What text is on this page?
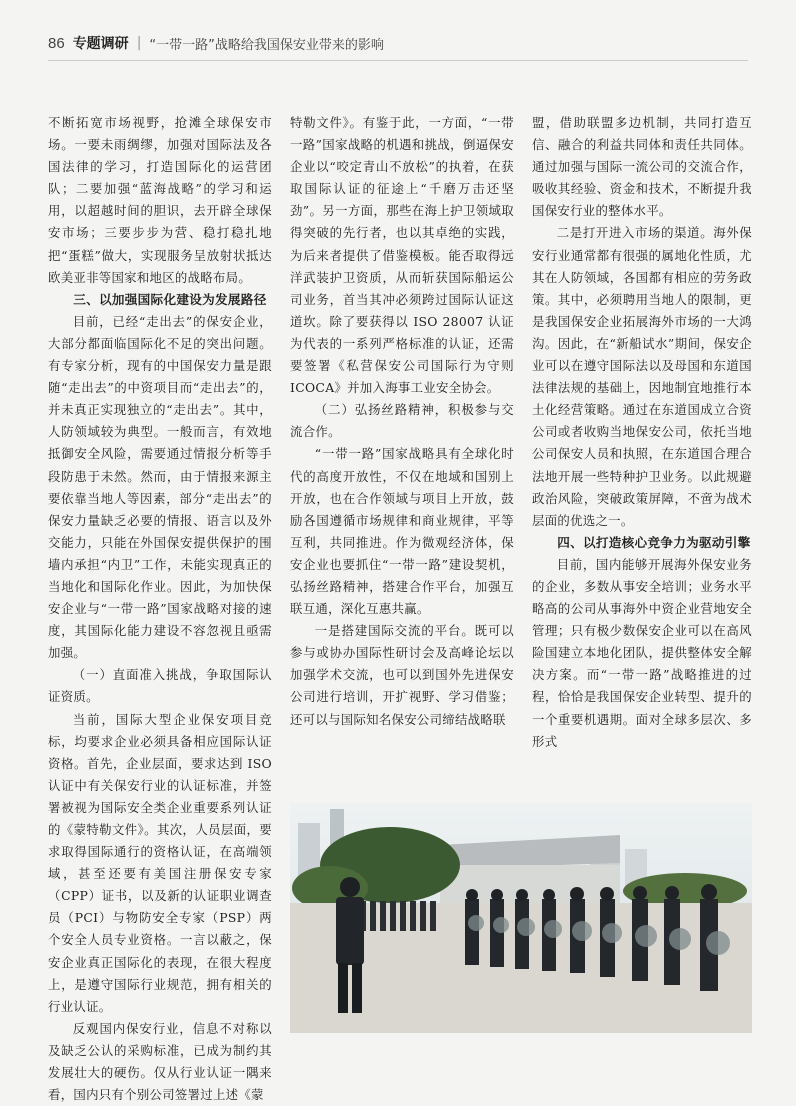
86 专题调研 | “一带一路”战略给我国保安业带来的影响

不断拓宽市场视野，抢滩全球保安市场。一要未雨绸缪，加强对国际法及各国法律的学习，打造国际化的运营团队；二要加强“蓝海战略”的学习和运用，以超越时间的胆识，去开辟全球保安市场；三要步步为营、稳打稳扎地把“蛋糕”做大，实现服务呈放射状抵达欧美亚非等国家和地区的战略布局。

三、以加强国际化建设为发展路径

目前，已经“走出去”的保安企业，大部分都面临国际化不足的突出问题。有专家分析，现有的中国保安力量是跟随“走出去”的中资项目而“走出去”的，并未真正实现独立的“走出去”。其中，人防领域较为典型。一般而言，有效地抵御安全风险，需要通过情报分析等手段防患于未然。然而，由于情报来源主要依靠当地人等因素，部分“走出去”的保安力量缺乏必要的情报、语言以及外交能力，只能在外国保安提供保护的围墙内承担“内卫”工作，未能实现真正的当地化和国际化作业。因此，为加快保安企业与“一带一路”国家战略对接的速度，其国际化能力建设不容忽视且亟需加强。

（一）直面准入挑战，争取国际认证资质。

当前，国际大型企业保安项目竞标，均要求企业必须具备相应国际认证资格。首先，企业层面，要求达到 ISO 认证中有关保安行业的认证标准，并签署被视为国际安全类企业重要系列认证的《蒙特勒文件》。其次，人员层面，要求取得国际通行的资格认证，在高端领域，甚至还要有美国注册保安专家（CPP）证书，以及新的认证职业调查员（PCI）与物防安全专家（PSP）两个安全人员专业资格。一言以蔽之，保安企业真正国际化的表现，在很大程度上，是遵守国际行业规范，拥有相关的行业认证。

反观国内保安行业，信息不对称以及缺乏公认的采购标准，已成为制约其发展壮大的硬伤。仅从行业认证一隅来看，国内只有个别公司签署过上述《蒙

特勒文件》。有鉴于此，一方面，“一带一路”国家战略的机遇和挑战，倒逼保安企业以“咬定青山不放松”的执着，在获取国际认证的征途上“千磨万击还坚劲”。另一方面，那些在海上护卫领域取得突破的先行者，也以其卓绝的实践，为后来者提供了借鉴模板。能否取得远洋武装护卫资质，从而斩获国际船运公司业务，首当其冲必须跨过国际认证这道坎。除了要获得以 ISO 28007 认证为代表的一系列严格标准的认证，还需要签署《私营保安公司国际行为守则 ICOCA》并加入海事工业安全协会。

（二）弘扬丝路精神，积极参与交流合作。

“一带一路”国家战略具有全球化时代的高度开放性，不仅在地域和国别上开放，也在合作领域与项目上开放，鼓励各国遵循市场规律和商业规律，平等互利，共同推进。作为微观经济体，保安企业也要抓住“一带一路”建设契机，弘扬丝路精神，搭建合作平台，加强互联互通，深化互惠共赢。

一是搭建国际交流的平台。既可以参与或协办国际性研讨会及高峰论坛以加强学术交流，也可以到国外先进保安公司进行培训，开扩视野、学习借鉴；还可以与国际知名保安公司缔结战略联

盟，借助联盟多边机制，共同打造互信、融合的利益共同体和责任共同体。通过加强与国际一流公司的交流合作，吸收其经验、资金和技术，不断提升我国保安行业的整体水平。

二是打开进入市场的渠道。海外保安行业通常都有很强的属地化性质，尤其在人防领域，各国都有相应的劳务政策。其中，必须聘用当地人的限制，更是我国保安企业拓展海外市场的一大鸿沟。因此，在“新船试水”期间，保安企业可以在遵守国际法以及母国和东道国法律法规的基础上，因地制宜地推行本土化经营策略。通过在东道国成立合资公司或者收购当地保安公司，依托当地公司保安人员和执照，在东道国合理合法地开展一些特种护卫业务。以此规避政治风险，突破政策屏障，不啻为战术层面的优选之一。

四、以打造核心竞争力为驱动引擎

目前，国内能够开展海外保安业务的企业，多数从事安全培训；业务水平略高的公司从事海外中资企业营地安全管理；只有极少数保安企业可以在高风险国建立本地化团队，提供整体安全解决方案。而“一带一路”战略推进的过程，恰恰是我国保安企业转型、提升的一个重要机遇期。面对全球多层次、多形式
